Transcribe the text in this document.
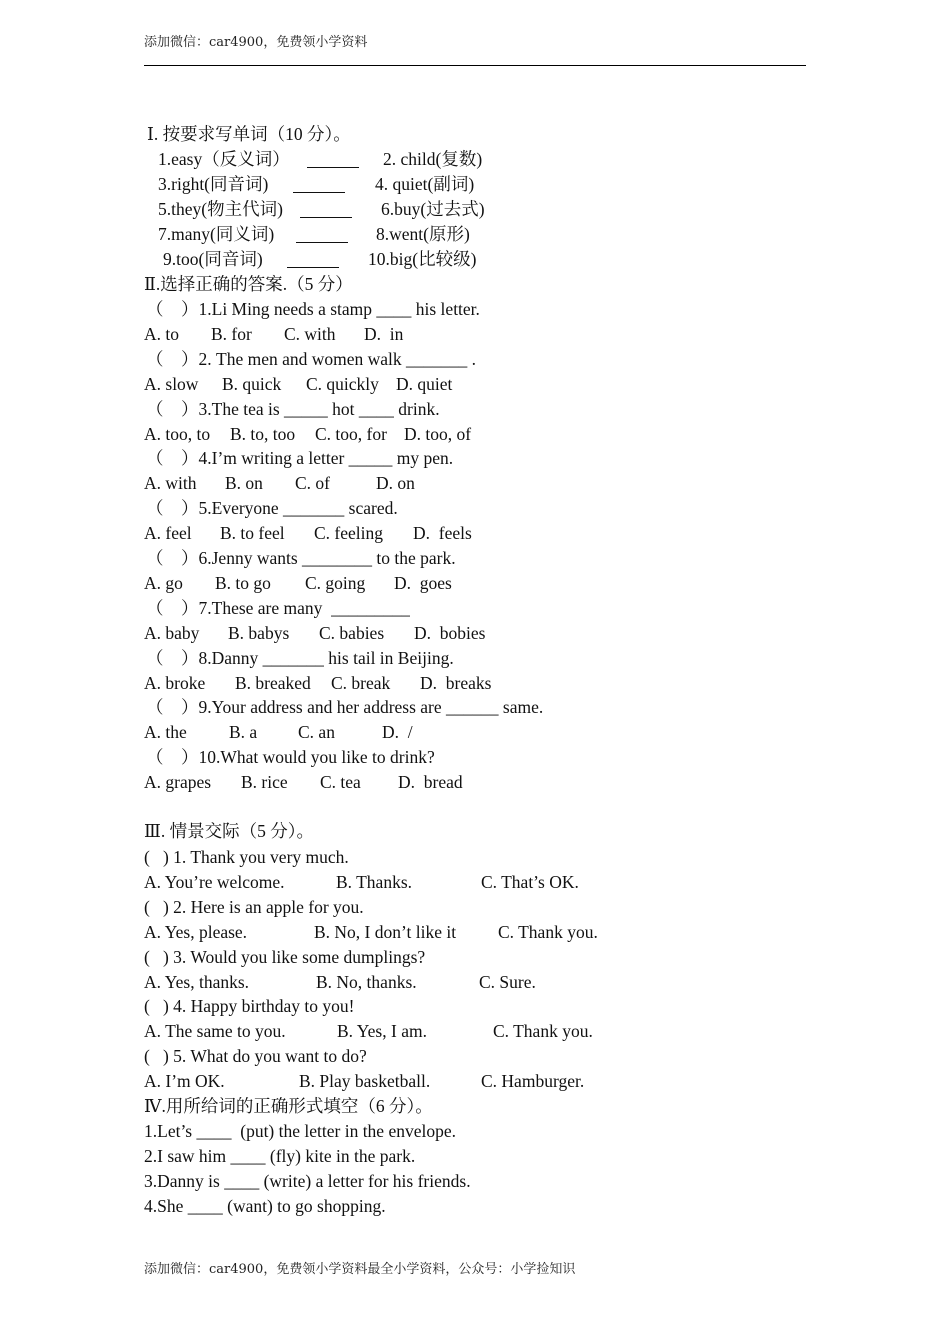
添加微信：car4900，免费领小学资料
Ⅰ. 按要求写单词（10 分）。
1.easy（反义词）	2. child(复数)
3.right(同音词)	4. quiet(副词)
5.they(物主代词)	6.buy(过去式)
7.many(同义词)	8.went(原形)
9.too(同音词)	10.big(比较级)
Ⅱ.选择正确的答案.（5 分）
（　）1.Li Ming needs a stamp ____ his letter.
A. to B. for C. with D.  in
（　）2. The men and women walk _______ .
A. slow B. quick C. quickly D. quiet
（　）3.The tea is _____ hot ____ drink.
A. too, to B. to, too C. too, for D. too, of
（　）4.I’m writing a letter _____ my pen.
A. with B. on C. of	D. on
（　）5.Everyone _______ scared.
A. feel B. to feel C. feeling D.  feels
（　）6.Jenny wants ________ to the park.
A. go B. to go C. going D.  goes
（　）7.These are many  _________
A. baby B. babys C. babies D.  bobies
（　）8.Danny _______ his tail in Beijing.
A. broke B. breaked C. break D.  breaks
（　）9.Your address and her address are ______ same.
A. the B. a C. an	D.  /
（　）10.What would you like to drink?
A. grapes B. rice C. tea D.  bread
Ⅲ. 情景交际（5 分）。
(   ) 1. Thank you very much.
A. You’re welcome.	B. Thanks.	C. That’s OK.
(   ) 2. Here is an apple for you.
A. Yes, please.	B. No, I don’t like it C. Thank you.
(   ) 3. Would you like some dumplings?
A. Yes, thanks.	B. No, thanks.	C. Sure.
(   ) 4. Happy birthday to you!
A. The same to you.	B. Yes, I am.	C. Thank you.
(   ) 5. What do you want to do?
A. I’m OK.	B. Play basketball.	C. Hamburger.
Ⅳ.用所给词的正确形式填空（6 分）。
1.Let’s ____  (put) the letter in the envelope.
2.I saw him ____ (fly) kite in the park.
3.Danny is ____ (write) a letter for his friends.
4.She ____ (want) to go shopping.
添加微信：car4900，免费领小学资料最全小学资料，公众号：小学捡知识
